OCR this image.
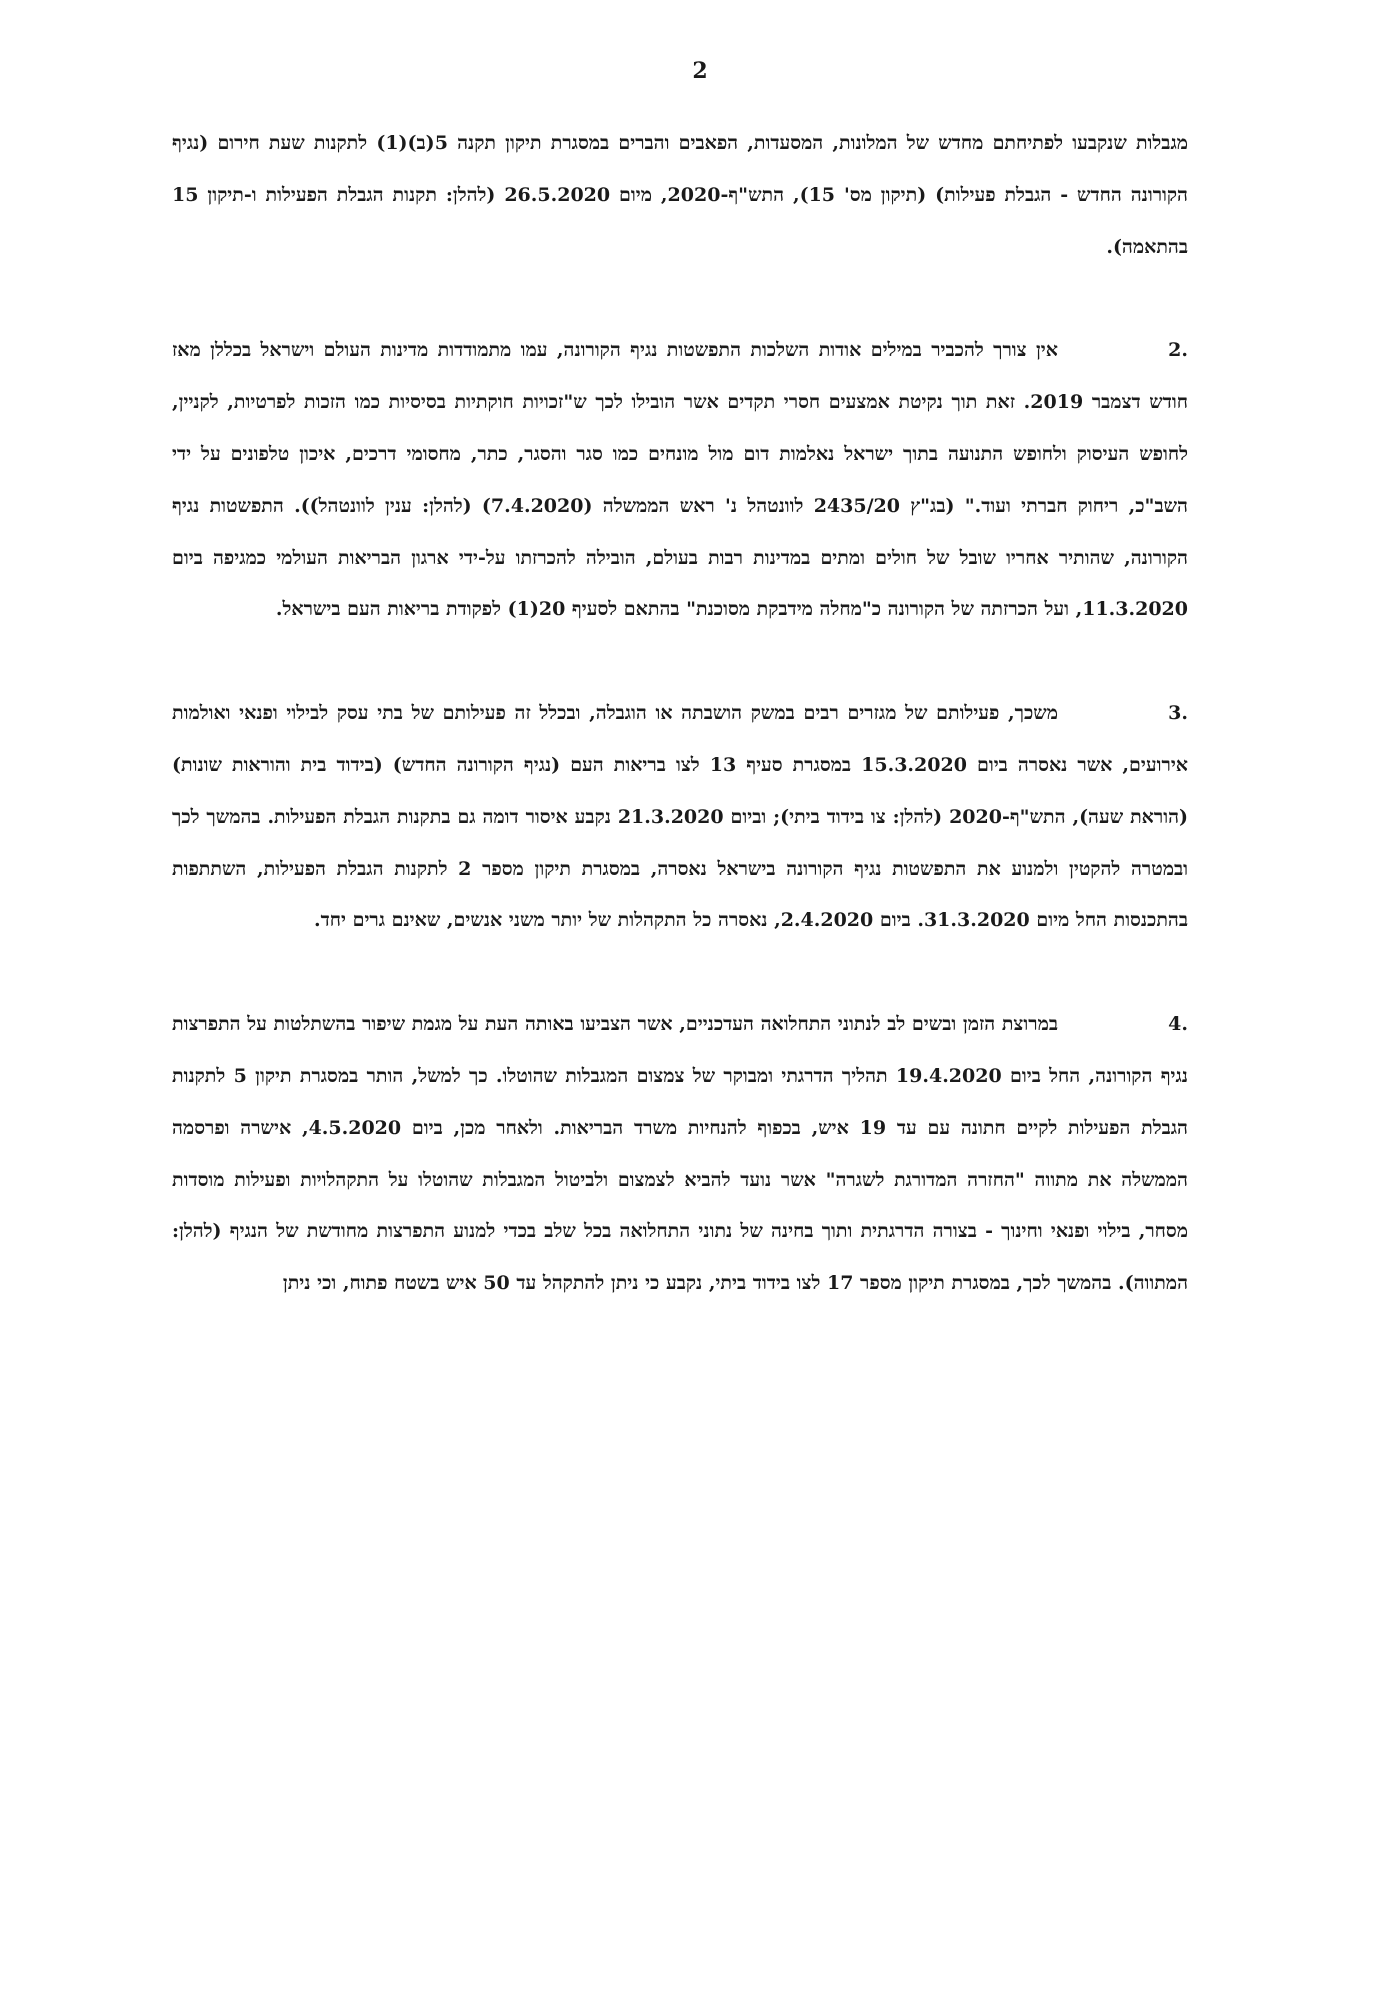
2

מגבלות שנקבעו לפתיחתם מחדש של המלונות, המסעדות, הפאבים והברים במסגרת תיקון תקנה 5(ב)(1) לתקנות שעת חירום (נגיף הקורונה החדש - הגבלת פעילות) (תיקון מס' 15), התש"ף-2020, מיום 26.5.2020 (להלן: תקנות הגבלת הפעילות ו-תיקון 15 בהתאמה).

.2אין צורך להכביר במילים אודות השלכות התפשטות נגיף הקורונה, עמו מתמודדות מדינות העולם וישראל בכללן מאז חודש דצמבר 2019. זאת תוך נקיטת אמצעים חסרי תקדים אשר הובילו לכך ש"זכויות חוקתיות בסיסיות כמו הזכות לפרטיות, לקניין, לחופש העיסוק ולחופש התנועה בתוך ישראל נאלמות דום מול מונחים כמו סגר והסגר, כתר, מחסומי דרכים, איכון טלפונים על ידי השב"כ, ריחוק חברתי ועוד." (בג"ץ 2435/20 לוונטהל נ' ראש הממשלה (7.4.2020) (להלן: ענין לוונטהל)). התפשטות נגיף הקורונה, שהותיר אחריו שובל של חולים ומתים במדינות רבות בעולם, הובילה להכרזתו על-ידי ארגון הבריאות העולמי כמגיפה ביום 11.3.2020, ועל הכרזתה של הקורונה כ"מחלה מידבקת מסוכנת" בהתאם לסעיף 20(1) לפקודת בריאות העם בישראל.

.3משכך, פעילותם של מגזרים רבים במשק הושבתה או הוגבלה, ובכלל זה פעילותם של בתי עסק לבילוי ופנאי ואולמות אירועים, אשר נאסרה ביום 15.3.2020 במסגרת סעיף 13 לצו בריאות העם (נגיף הקורונה החדש) (בידוד בית והוראות שונות) (הוראת שעה), התש"ף-2020 (להלן: צו בידוד ביתי); וביום 21.3.2020 נקבע איסור דומה גם בתקנות הגבלת הפעילות. בהמשך לכך ובמטרה להקטין ולמנוע את התפשטות נגיף הקורונה בישראל נאסרה, במסגרת תיקון מספר 2 לתקנות הגבלת הפעילות, השתתפות בהתכנסות החל מיום 31.3.2020. ביום 2.4.2020, נאסרה כל התקהלות של יותר משני אנשים, שאינם גרים יחד.

.4במרוצת הזמן ובשים לב לנתוני התחלואה העדכניים, אשר הצביעו באותה העת על מגמת שיפור בהשתלטות על התפרצות נגיף הקורונה, החל ביום 19.4.2020 תהליך הדרגתי ומבוקר של צמצום המגבלות שהוטלו. כך למשל, הותר במסגרת תיקון 5 לתקנות הגבלת הפעילות לקיים חתונה עם עד 19 איש, בכפוף להנחיות משרד הבריאות. ולאחר מכן, ביום 4.5.2020, אישרה ופרסמה הממשלה את מתווה "החזרה המדורגת לשגרה" אשר נועד להביא לצמצום ולביטול המגבלות שהוטלו על התקהלויות ופעילות מוסדות מסחר, בילוי ופנאי וחינוך - בצורה הדרגתית ותוך בחינה של נתוני התחלואה בכל שלב בכדי למנוע התפרצות מחודשת של הנגיף (להלן: המתווה). בהמשך לכך, במסגרת תיקון מספר 17 לצו בידוד ביתי, נקבע כי ניתן להתקהל עד 50 איש בשטח פתוח, וכי ניתן
